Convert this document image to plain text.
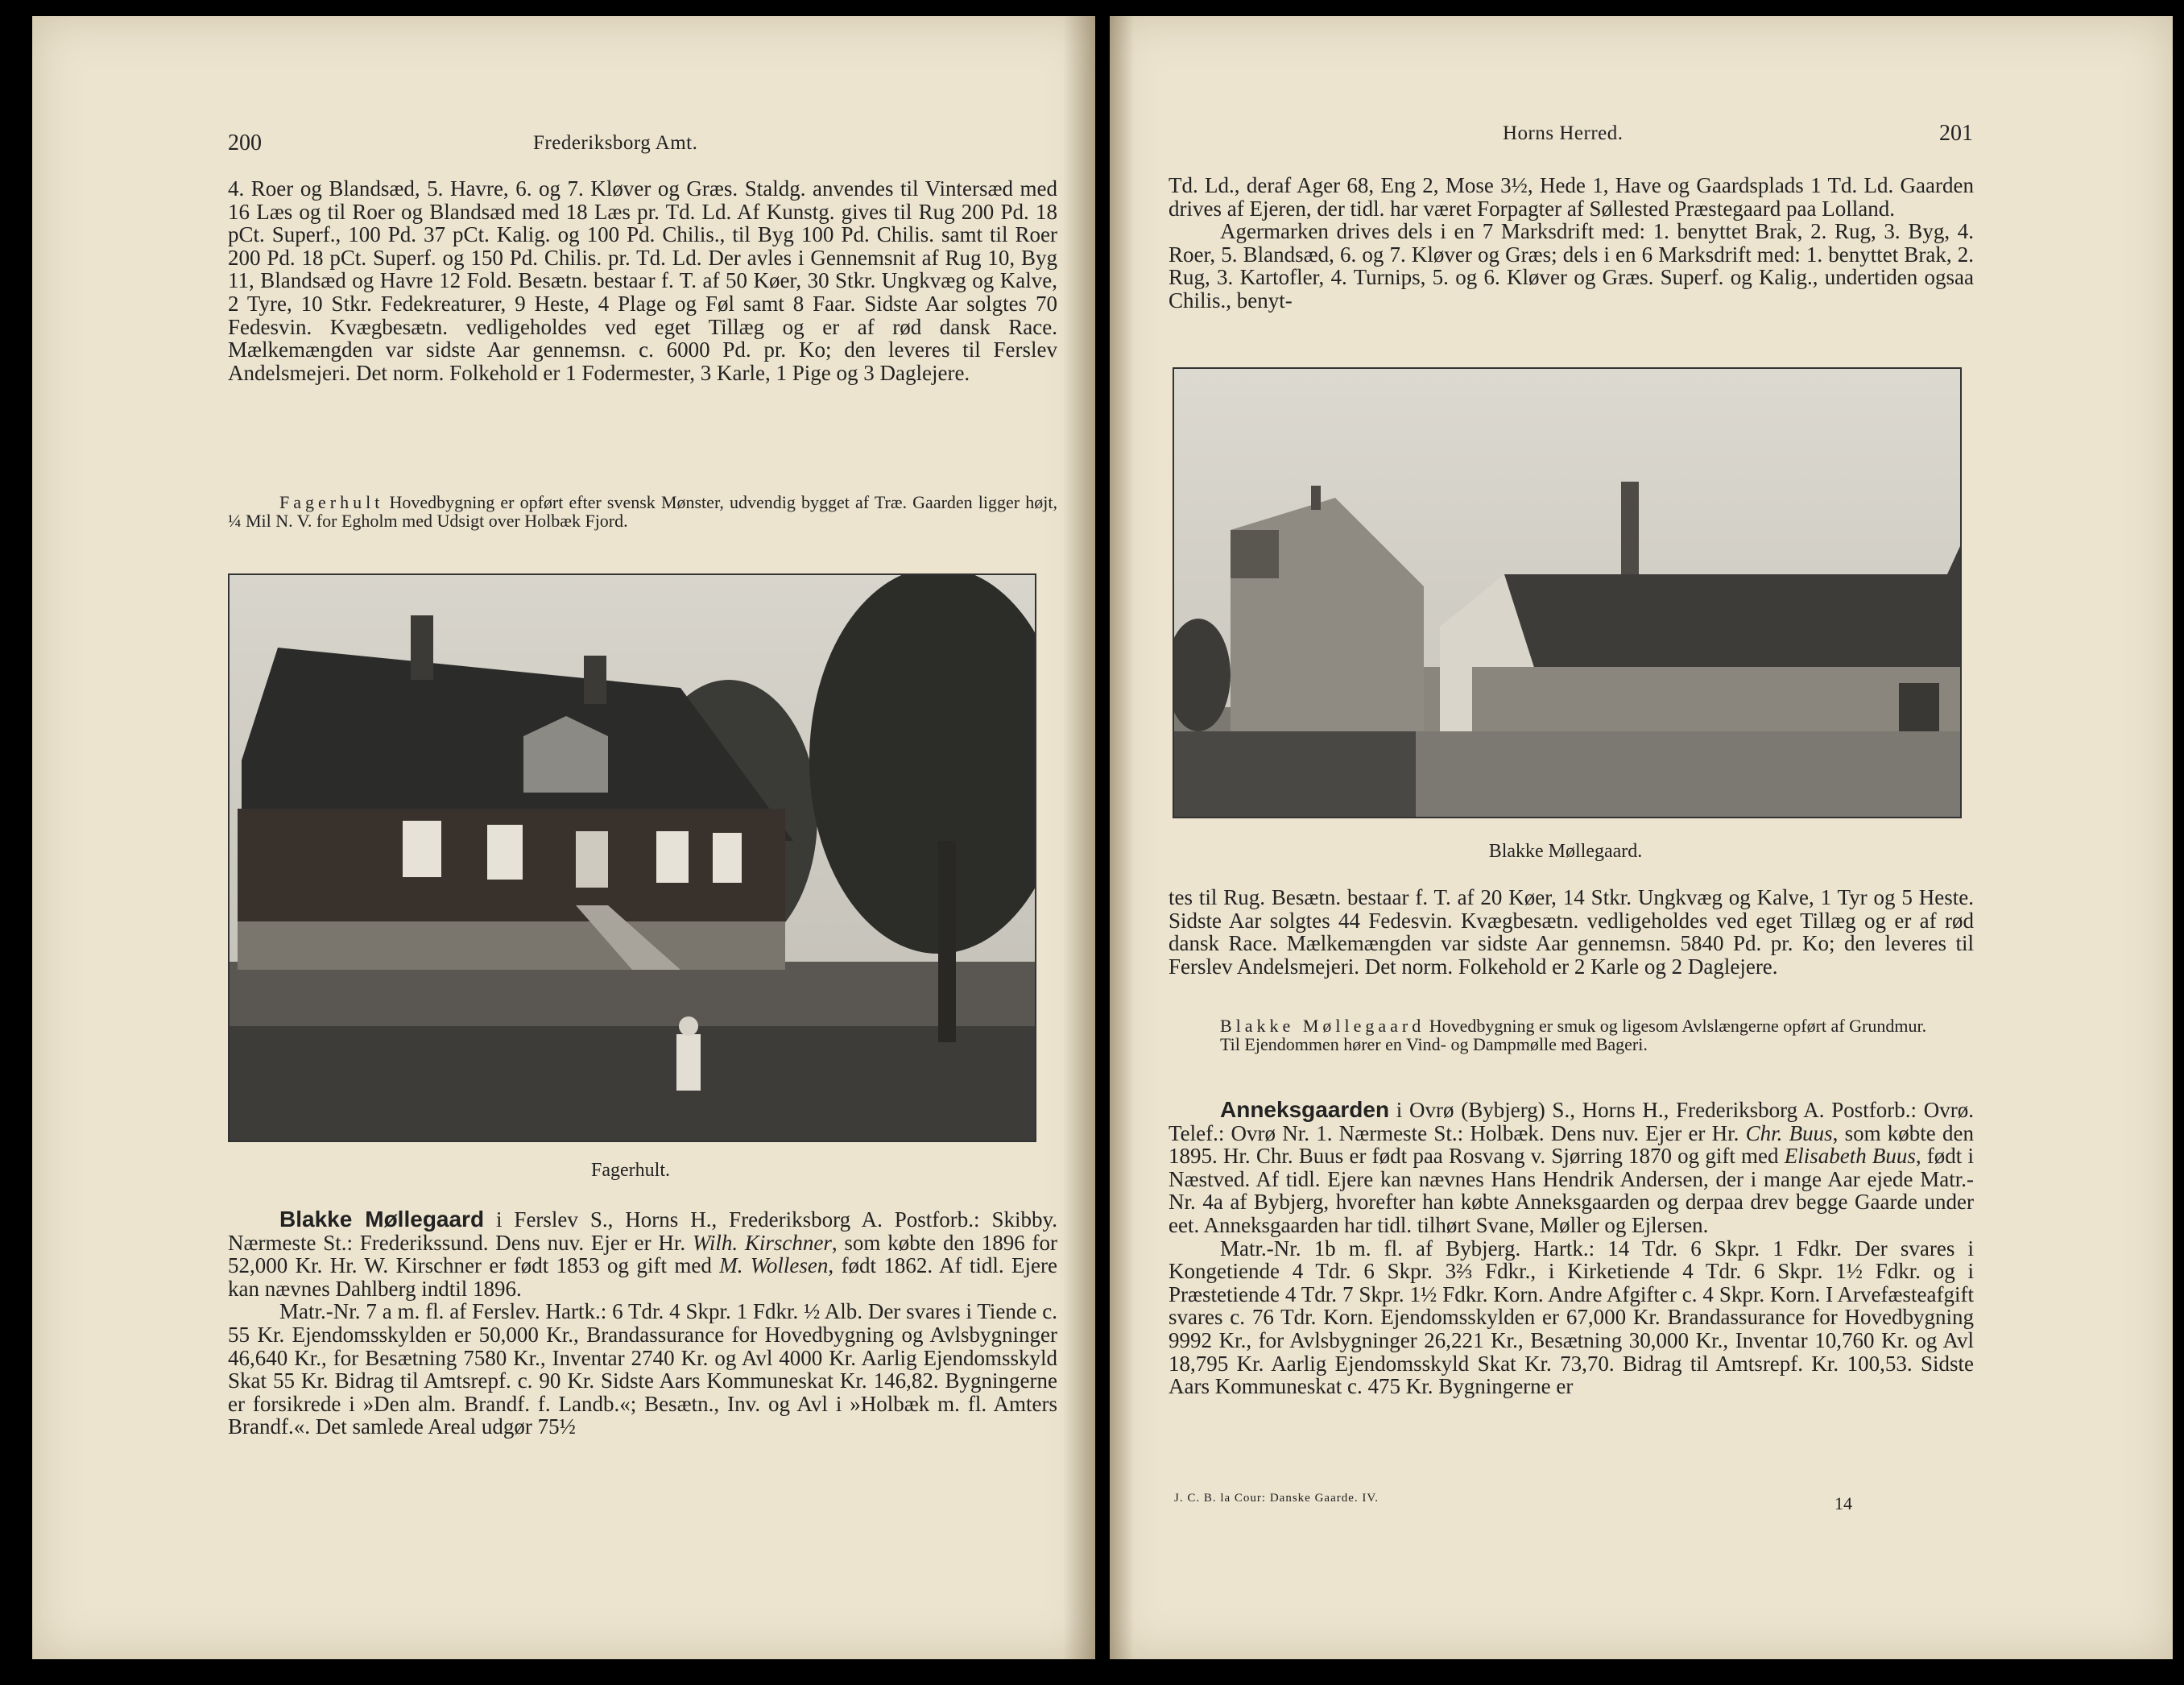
200	Frederiksborg Amt.

4. Roer og Blandsæd, 5. Havre, 6. og 7. Kløver og Græs. Staldg. anvendes til Vintersæd med 16 Læs og til Roer og Blandsæd med 18 Læs pr. Td. Ld. Af Kunstg. gives til Rug 200 Pd. 18 pCt. Superf., 100 Pd. 37 pCt. Kalig. og 100 Pd. Chilis., til Byg 100 Pd. Chilis. samt til Roer 200 Pd. 18 pCt. Superf. og 150 Pd. Chilis. pr. Td. Ld. Der avles i Gennemsnit af Rug 10, Byg 11, Blandsæd og Havre 12 Fold. Besætn. bestaar f. T. af 50 Køer, 30 Stkr. Ungkvæg og Kalve, 2 Tyre, 10 Stkr. Fedekreaturer, 9 Heste, 4 Plage og Føl samt 8 Faar. Sidste Aar solgtes 70 Fedesvin. Kvægbesætn. vedligeholdes ved eget Tillæg og er af rød dansk Race. Mælkemængden var sidste Aar gennemsn. c. 6000 Pd. pr. Ko; den leveres til Ferslev Andelsmejeri. Det norm. Folkehold er 1 Fodermester, 3 Karle, 1 Pige og 3 Daglejere.

Fagerhult Hovedbygning er opført efter svensk Mønster, udvendig bygget af Træ. Gaarden ligger højt, ¼ Mil N. V. for Egholm med Udsigt over Holbæk Fjord.

Fagerhult.

Blakke Møllegaard i Ferslev S., Horns H., Frederiksborg A. Postforb.: Skibby. Nærmeste St.: Frederikssund. Dens nuv. Ejer er Hr. Wilh. Kirschner, som købte den 1896 for 52,000 Kr. Hr. W. Kirschner er født 1853 og gift med M. Wollesen, født 1862. Af tidl. Ejere kan nævnes Dahlberg indtil 1896.

Matr.-Nr. 7 a m. fl. af Ferslev. Hartk.: 6 Tdr. 4 Skpr. 1 Fdkr. ½ Alb. Der svares i Tiende c. 55 Kr. Ejendomsskylden er 50,000 Kr., Brandassurance for Hovedbygning og Avlsbygninger 46,640 Kr., for Besætning 7580 Kr., Inventar 2740 Kr. og Avl 4000 Kr. Aarlig Ejendomsskyld Skat 55 Kr. Bidrag til Amtsrepf. c. 90 Kr. Sidste Aars Kommuneskat Kr. 146,82. Bygningerne er forsikrede i »Den alm. Brandf. f. Landb.«; Besætn., Inv. og Avl i »Holbæk m. fl. Amters Brandf.«. Det samlede Areal udgør 75½

Horns Herred.	201

Td. Ld., deraf Ager 68, Eng 2, Mose 3½, Hede 1, Have og Gaardsplads 1 Td. Ld. Gaarden drives af Ejeren, der tidl. har været Forpagter af Søllested Præstegaard paa Lolland.

Agermarken drives dels i en 7 Marksdrift med: 1. benyttet Brak, 2. Rug, 3. Byg, 4. Roer, 5. Blandsæd, 6. og 7. Kløver og Græs; dels i en 6 Marksdrift med: 1. benyttet Brak, 2. Rug, 3. Kartofler, 4. Turnips, 5. og 6. Kløver og Græs. Superf. og Kalig., undertiden ogsaa Chilis., benyt-

Blakke Møllegaard.

tes til Rug. Besætn. bestaar f. T. af 20 Køer, 14 Stkr. Ungkvæg og Kalve, 1 Tyr og 5 Heste. Sidste Aar solgtes 44 Fedesvin. Kvægbesætn. vedligeholdes ved eget Tillæg og er af rød dansk Race. Mælkemængden var sidste Aar gennemsn. 5840 Pd. pr. Ko; den leveres til Ferslev Andelsmejeri. Det norm. Folkehold er 2 Karle og 2 Daglejere.

Blakke Møllegaard Hovedbygning er smuk og ligesom Avlslængerne opført af Grundmur.

Til Ejendommen hører en Vind- og Dampmølle med Bageri.

Anneksgaarden i Ovrø (Bybjerg) S., Horns H., Frederiksborg A. Postforb.: Ovrø. Telef.: Ovrø Nr. 1. Nærmeste St.: Holbæk. Dens nuv. Ejer er Hr. Chr. Buus, som købte den 1895. Hr. Chr. Buus er født paa Rosvang v. Sjørring 1870 og gift med Elisabeth Buus, født i Næstved. Af tidl. Ejere kan nævnes Hans Hendrik Andersen, der i mange Aar ejede Matr.-Nr. 4a af Bybjerg, hvorefter han købte Anneksgaarden og derpaa drev begge Gaarde under eet. Anneksgaarden har tidl. tilhørt Svane, Møller og Ejlersen.

Matr.-Nr. 1b m. fl. af Bybjerg. Hartk.: 14 Tdr. 6 Skpr. 1 Fdkr. Der svares i Kongetiende 4 Tdr. 6 Skpr. 3⅔ Fdkr., i Kirketiende 4 Tdr. 6 Skpr. 1½ Fdkr. og i Præstetiende 4 Tdr. 7 Skpr. 1½ Fdkr. Korn. Andre Afgifter c. 4 Skpr. Korn. I Arvefæsteafgift svares c. 76 Tdr. Korn. Ejendomsskylden er 67,000 Kr. Brandassurance for Hovedbygning 9992 Kr., for Avlsbygninger 26,221 Kr., Besætning 30,000 Kr., Inventar 10,760 Kr. og Avl 18,795 Kr. Aarlig Ejendomsskyld Skat Kr. 73,70. Bidrag til Amtsrepf. Kr. 100,53. Sidste Aars Kommuneskat c. 475 Kr. Bygningerne er

J. C. B. la Cour: Danske Gaarde. IV.	14
